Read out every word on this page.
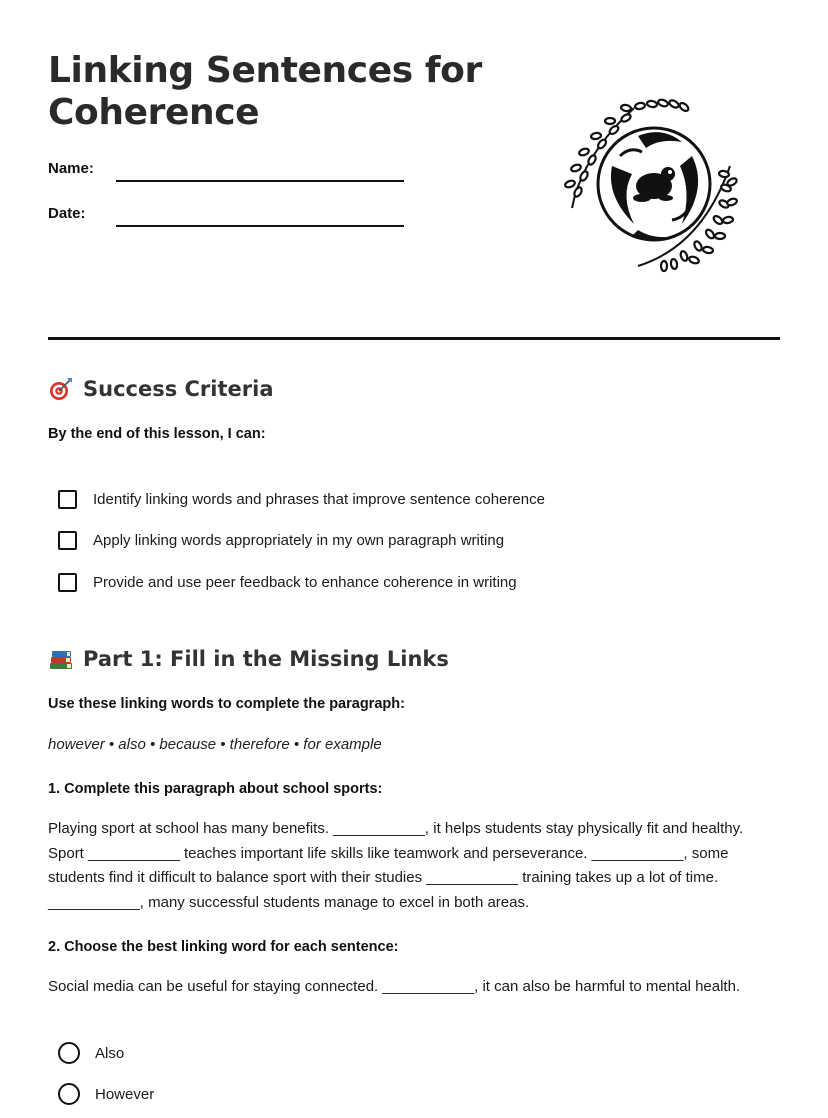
Linking Sentences for Coherence
Name:
Date:
Success Criteria
By the end of this lesson, I can:
Identify linking words and phrases that improve sentence coherence
Apply linking words appropriately in my own paragraph writing
Provide and use peer feedback to enhance coherence in writing
Part 1: Fill in the Missing Links
Use these linking words to complete the paragraph:
however • also • because • therefore • for example
1. Complete this paragraph about school sports:

Playing sport at school has many benefits. ___________, it helps students stay physically fit and healthy. Sport ___________ teaches important life skills like teamwork and perseverance. ___________, some students find it difficult to balance sport with their studies ___________ training takes up a lot of time. ___________, many successful students manage to excel in both areas.

2. Choose the best linking word for each sentence:

Social media can be useful for staying connected. ___________, it can also be harmful to mental health.

Also
However
